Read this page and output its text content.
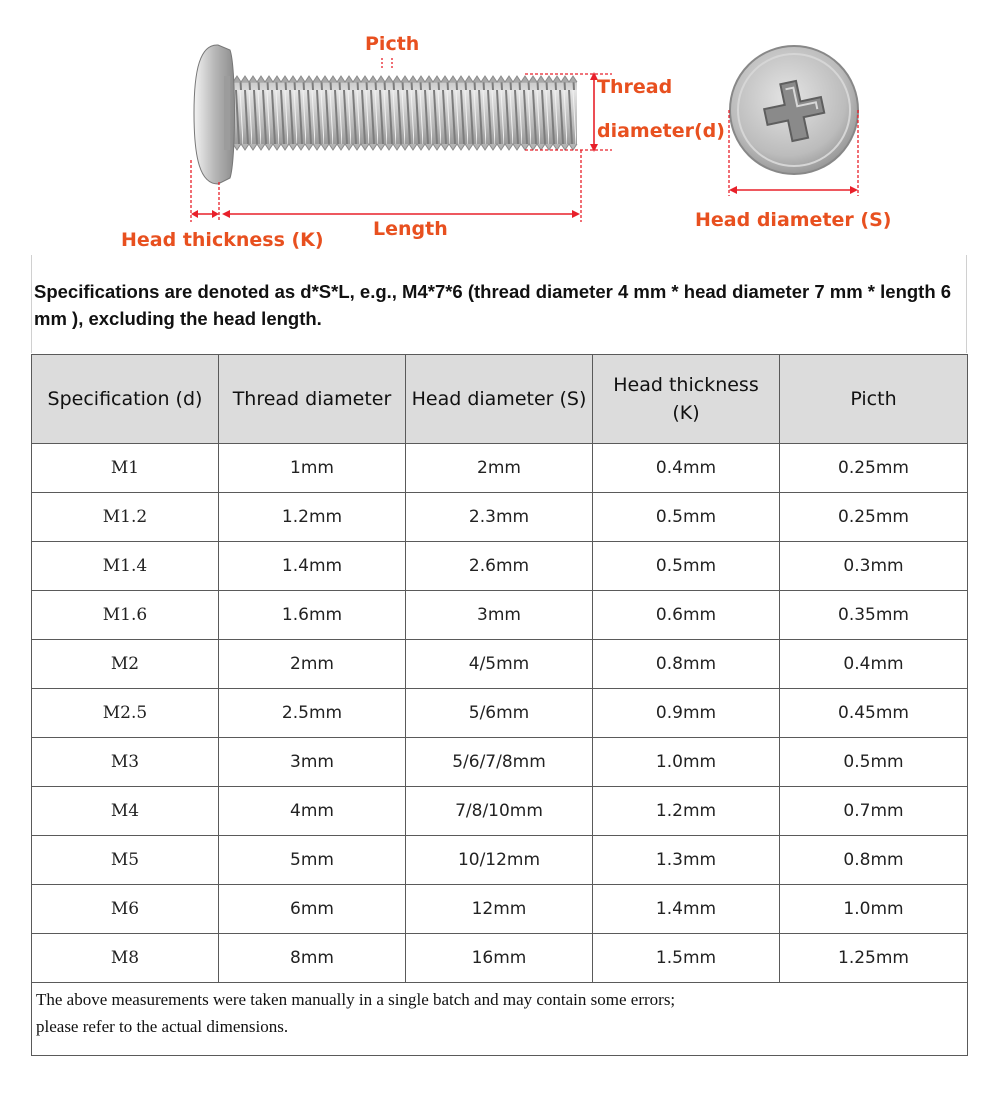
Picth
Thread
diameter(d)
Head diameter (S)
Length
Head thickness (K)
Specifications are denoted as d*S*L, e.g., M4*7*6 (thread diameter 4 mm * head diameter 7 mm * length 6 mm ), excluding the head length.
Specification (d)	Thread diameter	Head diameter (S)	Head thickness (K)	Picth
M1	1mm	2mm	0.4mm	0.25mm
M1.2	1.2mm	2.3mm	0.5mm	0.25mm
M1.4	1.4mm	2.6mm	0.5mm	0.3mm
M1.6	1.6mm	3mm	0.6mm	0.35mm
M2	2mm	4/5mm	0.8mm	0.4mm
M2.5	2.5mm	5/6mm	0.9mm	0.45mm
M3	3mm	5/6/7/8mm	1.0mm	0.5mm
M4	4mm	7/8/10mm	1.2mm	0.7mm
M5	5mm	10/12mm	1.3mm	0.8mm
M6	6mm	12mm	1.4mm	1.0mm
M8	8mm	16mm	1.5mm	1.25mm
The above measurements were taken manually in a single batch and may contain some errors;
please refer to the actual dimensions.				
